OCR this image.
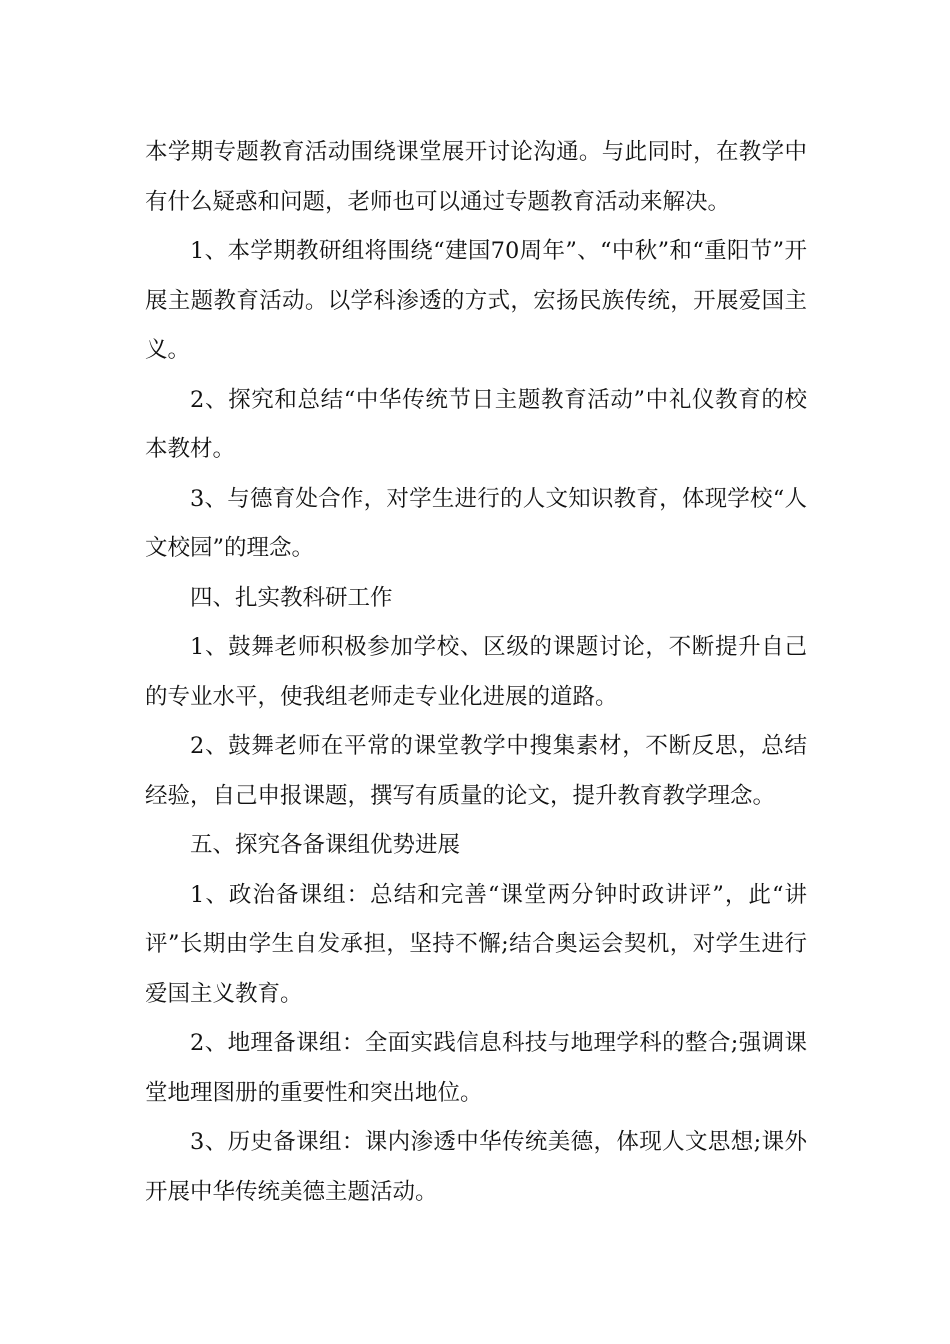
本学期专题教育活动围绕课堂展开讨论沟通。与此同时，在教学中有什么疑惑和问题，老师也可以通过专题教育活动来解决。

1、本学期教研组将围绕“建国70周年”、“中秋”和“重阳节”开展主题教育活动。以学科渗透的方式，宏扬民族传统，开展爱国主义。

2、探究和总结“中华传统节日主题教育活动”中礼仪教育的校本教材。

3、与德育处合作，对学生进行的人文知识教育，体现学校“人文校园”的理念。

四、扎实教科研工作

1、鼓舞老师积极参加学校、区级的课题讨论，不断提升自己的专业水平，使我组老师走专业化进展的道路。

2、鼓舞老师在平常的课堂教学中搜集素材，不断反思，总结经验，自己申报课题，撰写有质量的论文，提升教育教学理念。

五、探究各备课组优势进展

1、政治备课组：总结和完善“课堂两分钟时政讲评”，此“讲评”长期由学生自发承担，坚持不懈;结合奥运会契机，对学生进行爱国主义教育。

2、地理备课组：全面实践信息科技与地理学科的整合;强调课堂地理图册的重要性和突出地位。

3、历史备课组：课内渗透中华传统美德，体现人文思想;课外开展中华传统美德主题活动。
